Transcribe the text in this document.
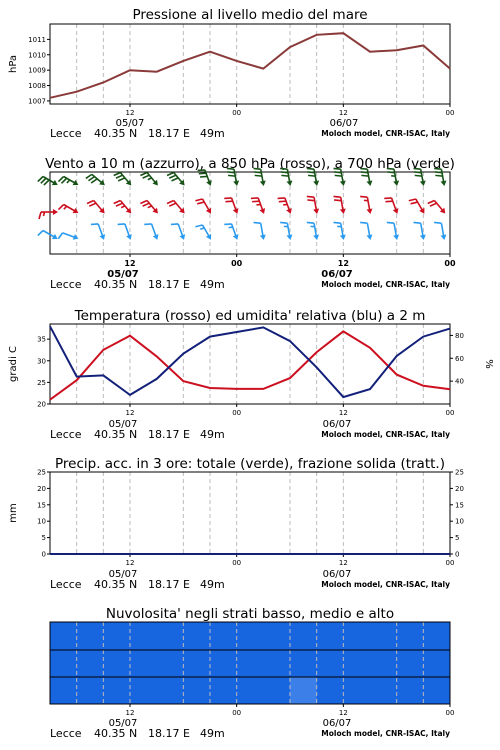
Pressione al livello medio del mare
hPa
1007
1008
1009
1010
1011
12	00	12	00
05/07	06/07
Lecce 40.35 N 18.17 E 49m	Moloch model, CNR-ISAC, Italy
Vento a 10 m (azzurro), a 850 hPa (rosso), a 700 hPa (verde)
12	00	12	00
05/07	06/07
Lecce 40.35 N 18.17 E 49m	Moloch model, CNR-ISAC, Italy
Temperatura (rosso) ed umidita' relativa (blu) a 2 m
gradi C	%
20
25
30
35
40
60
80
12	00	12	00
05/07	06/07
Lecce 40.35 N 18.17 E 49m	Moloch model, CNR-ISAC, Italy
Precip. acc. in 3 ore: totale (verde), frazione solida (tratt.)
mm
0
5
10
15
20
25
0
5
10
15
20
25
12	00	12	00
05/07	06/07
Lecce 40.35 N 18.17 E 49m	Moloch model, CNR-ISAC, Italy
Nuvolosita' negli strati basso, medio e alto
12	00	12	00
05/07	06/07
Lecce 40.35 N 18.17 E 49m	Moloch model, CNR-ISAC, Italy
